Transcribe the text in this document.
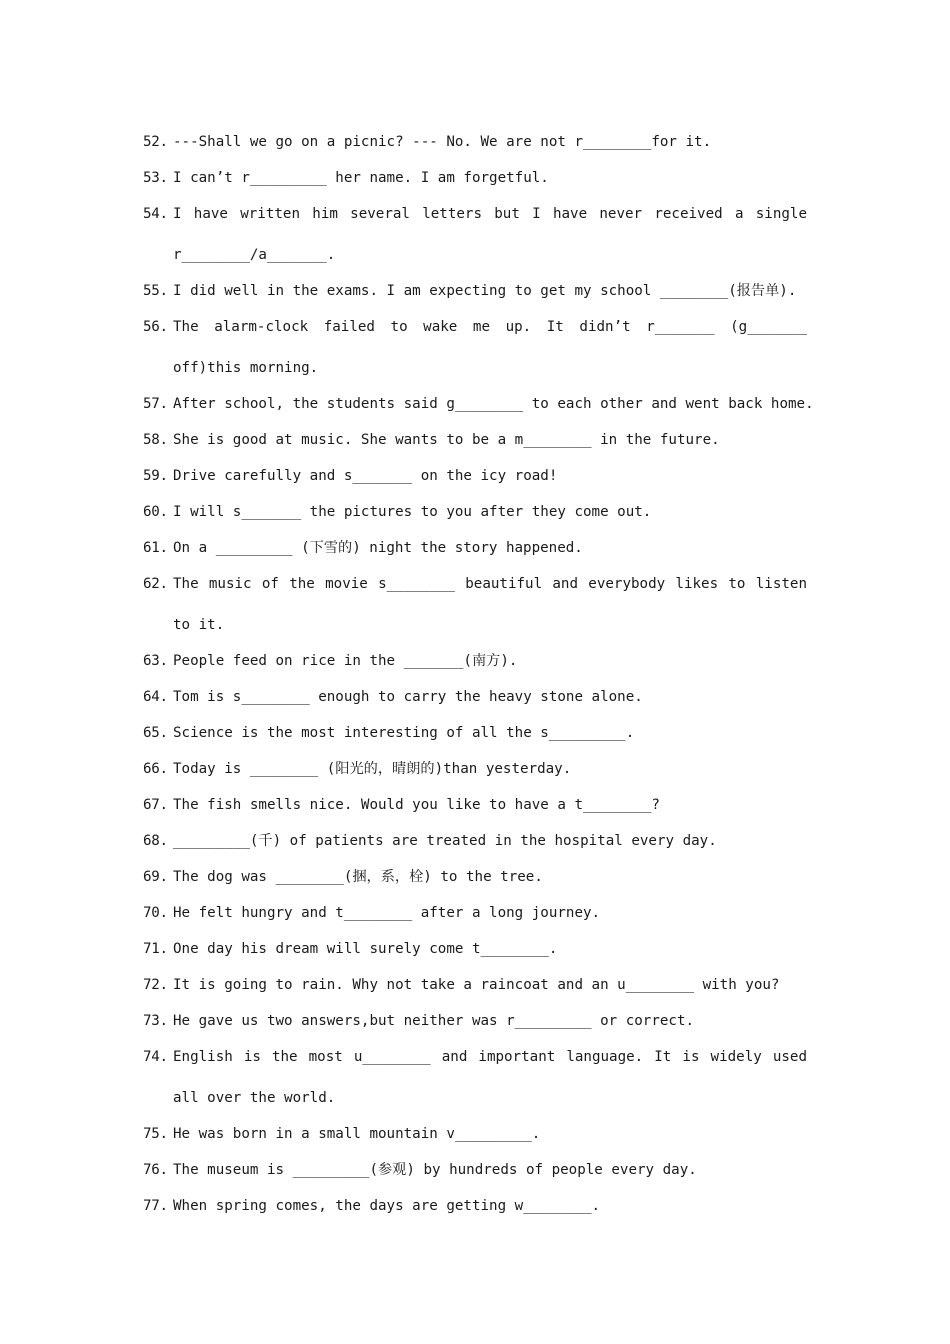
52. ---Shall we go on a picnic? --- No. We are not r________for it.
53. I can’t r_________ her name. I am forgetful.
54. I have written him several letters but I have never received a single r________/a_______.
55. I did well in the exams. I am expecting to get my school ________(报告单).
56. The alarm-clock failed to wake me up. It didn’t r_______ (g_______ off)this morning.
57. After school, the students said g________ to each other and went back home.
58. She is good at music. She wants to be a m________ in the future.
59. Drive carefully and s_______ on the icy road!
60. I will s_______ the pictures to you after they come out.
61. On a _________ (下雪的) night the story happened.
62. The music of the movie s________ beautiful and everybody likes to listen to it.
63. People feed on rice in the _______(南方).
64. Tom is s________ enough to carry the heavy stone alone.
65. Science is the most interesting of all the s_________.
66. Today is ________ (阳光的，晴朗的)than yesterday.
67. The fish smells nice. Would you like to have a t________?
68. _________(千) of patients are treated in the hospital every day.
69. The dog was ________(捆，系，栓) to the tree.
70. He felt hungry and t________ after a long journey.
71. One day his dream will surely come t________.
72. It is going to rain. Why not take a raincoat and an u________ with you?
73. He gave us two answers,but neither was r_________ or correct.
74. English is the most u________ and important language. It is widely used all over the world.
75. He was born in a small mountain v_________.
76. The museum is _________(参观) by hundreds of people every day.
77. When spring comes, the days are getting w________.
